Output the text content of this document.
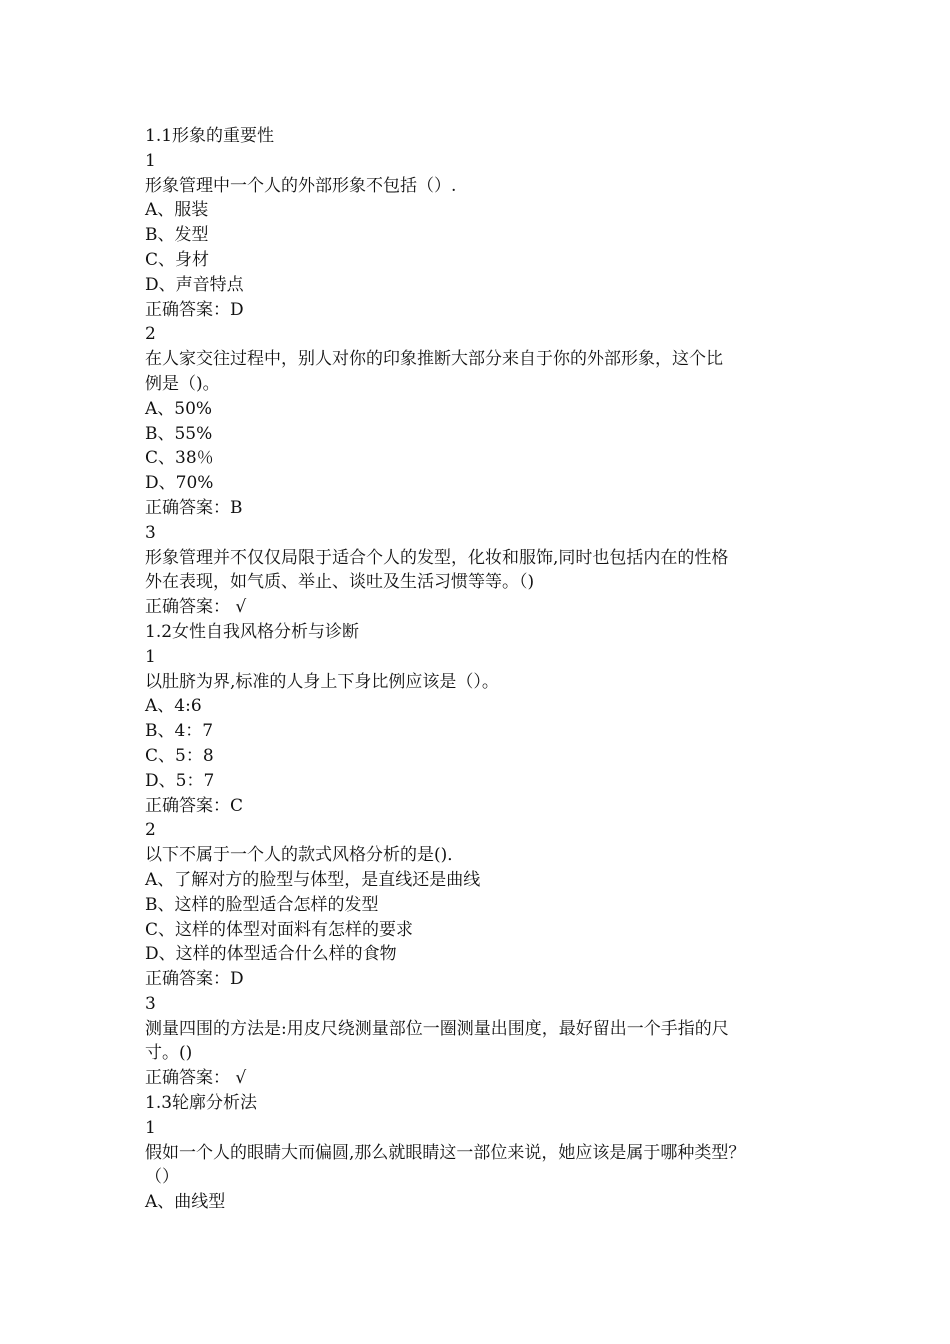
1.1形象的重要性
1
形象管理中一个人的外部形象不包括（）.
A、服装
B、发型
C、身材
D、声音特点
正确答案：D
2
在人家交往过程中，别人对你的印象推断大部分来自于你的外部形象，这个比
例是（)。
A、50%
B、55%
C、38％
D、70%
正确答案：B
3
形象管理并不仅仅局限于适合个人的发型，化妆和服饰,同时也包括内在的性格
外在表现，如气质、举止、谈吐及生活习惯等等。（)
正确答案： √
1.2女性自我风格分析与诊断
1
以肚脐为界,标准的人身上下身比例应该是（）。
A、4:6
B、4：7
C、5：8
D、5：7
正确答案：C
2
以下不属于一个人的款式风格分析的是()．
A、了解对方的脸型与体型，是直线还是曲线
B、这样的脸型适合怎样的发型
C、这样的体型对面料有怎样的要求
D、这样的体型适合什么样的食物
正确答案：D
3
测量四围的方法是:用皮尺绕测量部位一圈测量出围度，最好留出一个手指的尺
寸。()
正确答案： √
1.3轮廓分析法
1
假如一个人的眼睛大而偏圆,那么就眼睛这一部位来说，她应该是属于哪种类型？
（）
A、曲线型
